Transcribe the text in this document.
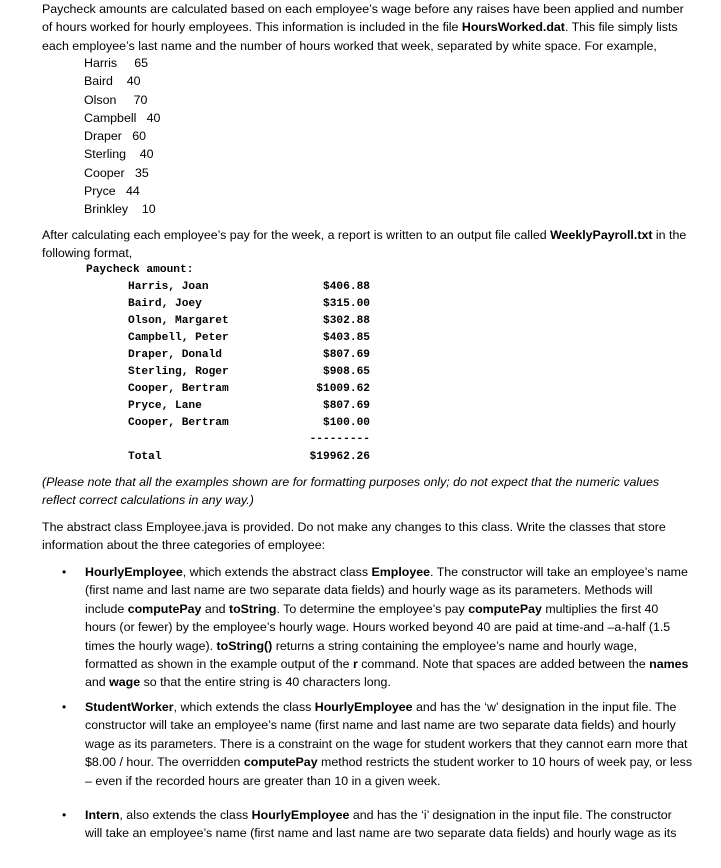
Paycheck amounts are calculated based on each employee’s wage before any raises have been applied and number of hours worked for hourly employees. This information is included in the file HoursWorked.dat. This file simply lists each employee’s last name and the number of hours worked that week, separated by white space. For example,

Harris     65
Baird    40
Olson     70
Campbell   40
Draper   60
Sterling    40
Cooper   35
Pryce   44
Brinkley    10

After calculating each employee’s pay for the week, a report is written to an output file called WeeklyPayroll.txt in the following format,

Paycheck amount:
Harris, Joan	$406.88
Baird, Joey	$315.00
Olson, Margaret	$302.88
Campbell, Peter	$403.85
Draper, Donald	$807.69
Sterling, Roger	$908.65
Cooper, Bertram	$1009.62
Pryce, Lane	$807.69
Cooper, Bertram	$100.00
---------
Total	$19962.26

(Please note that all the examples shown are for formatting purposes only; do not expect that the numeric values reflect correct calculations in any way.)

The abstract class Employee.java is provided. Do not make any changes to this class. Write the classes that store information about the three categories of employee:

• HourlyEmployee, which extends the abstract class Employee. The constructor will take an employee’s name (first name and last name are two separate data fields) and hourly wage as its parameters. Methods will include computePay and toString. To determine the employee’s pay computePay multiplies the first 40 hours (or fewer) by the employee’s hourly wage. Hours worked beyond 40 are paid at time-and –a-half (1.5 times the hourly wage). toString() returns a string containing the employee’s name and hourly wage, formatted as shown in the example output of the r command. Note that spaces are added between the names and wage so that the entire string is 40 characters long.
• StudentWorker, which extends the class HourlyEmployee and has the ‘w’ designation in the input file. The constructor will take an employee’s name (first name and last name are two separate data fields) and hourly wage as its parameters. There is a constraint on the wage for student workers that they cannot earn more that $8.00 / hour. The overridden computePay method restricts the student worker to 10 hours of week pay, or less – even if the recorded hours are greater than 10 in a given week.
• Intern, also extends the class HourlyEmployee and has the ‘i’ designation in the input file. The constructor will take an employee’s name (first name and last name are two separate data fields) and hourly wage as its
